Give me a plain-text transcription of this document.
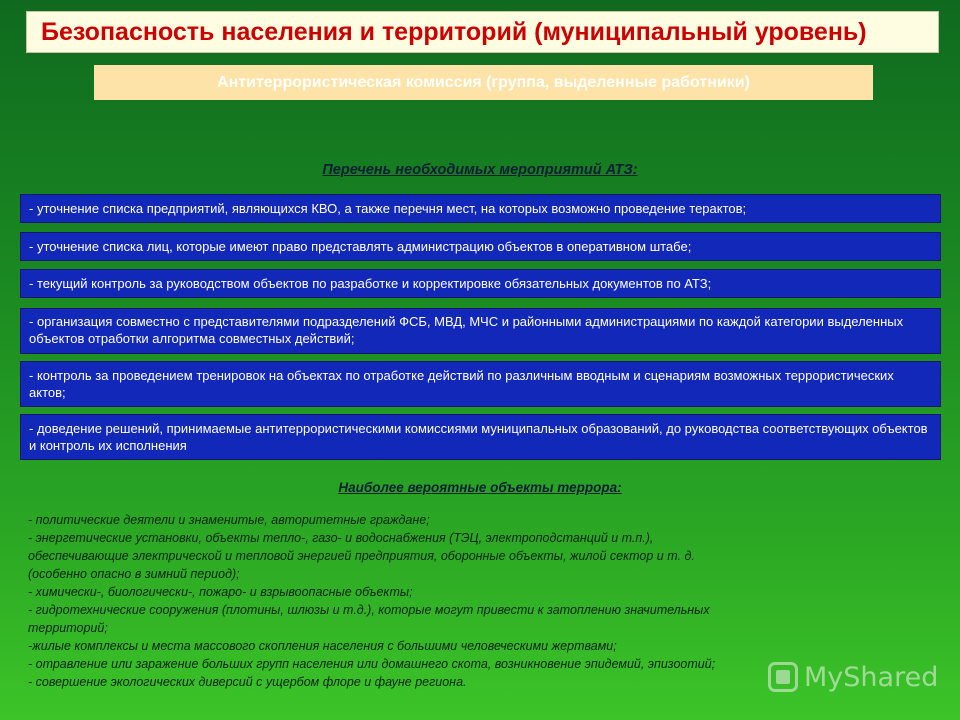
Безопасность населения и территорий (муниципальный уровень)
Антитеррористическая комиссия (группа, выделенные работники)
Перечень необходимых мероприятий АТЗ:
- уточнение списка предприятий, являющихся КВО, а также перечня мест, на которых возможно проведение терактов;
- уточнение списка лиц, которые имеют право представлять администрацию объектов в оперативном штабе;
- текущий контроль за руководством объектов по разработке и корректировке обязательных документов по АТЗ;
- организация совместно с представителями подразделений ФСБ, МВД, МЧС и районными администрациями по каждой категории выделенных объектов отработки алгоритма совместных действий;
- контроль за проведением тренировок на объектах по отработке действий по различным вводным и сценариям возможных террористических актов;
- доведение решений, принимаемые антитеррористическими комиссиями муниципальных образований, до руководства соответствующих объектов и контроль их исполнения
Наиболее вероятные объекты террора:
- политические деятели и знаменитые, авторитетные граждане;
- энергетические установки, объекты тепло-, газо- и водоснабжения (ТЭЦ, электроподстанций и т.п.),
обеспечивающие электрической и тепловой энергией предприятия, оборонные объекты, жилой сектор и т. д.
(особенно опасно в зимний период);
- химически-, биологически-, пожаро- и взрывоопасные объекты;
- гидротехнические сооружения (плотины, шлюзы и т.д.), которые могут привести к затоплению значительных
территорий;
-жилые комплексы и места массового скопления населения с большими человеческими жертвами;
- отравление или заражение больших групп населения или домашнего скота, возникновение эпидемий, эпизоотий;
- совершение экологических диверсий с ущербом флоре и фауне региона.	MyShared
